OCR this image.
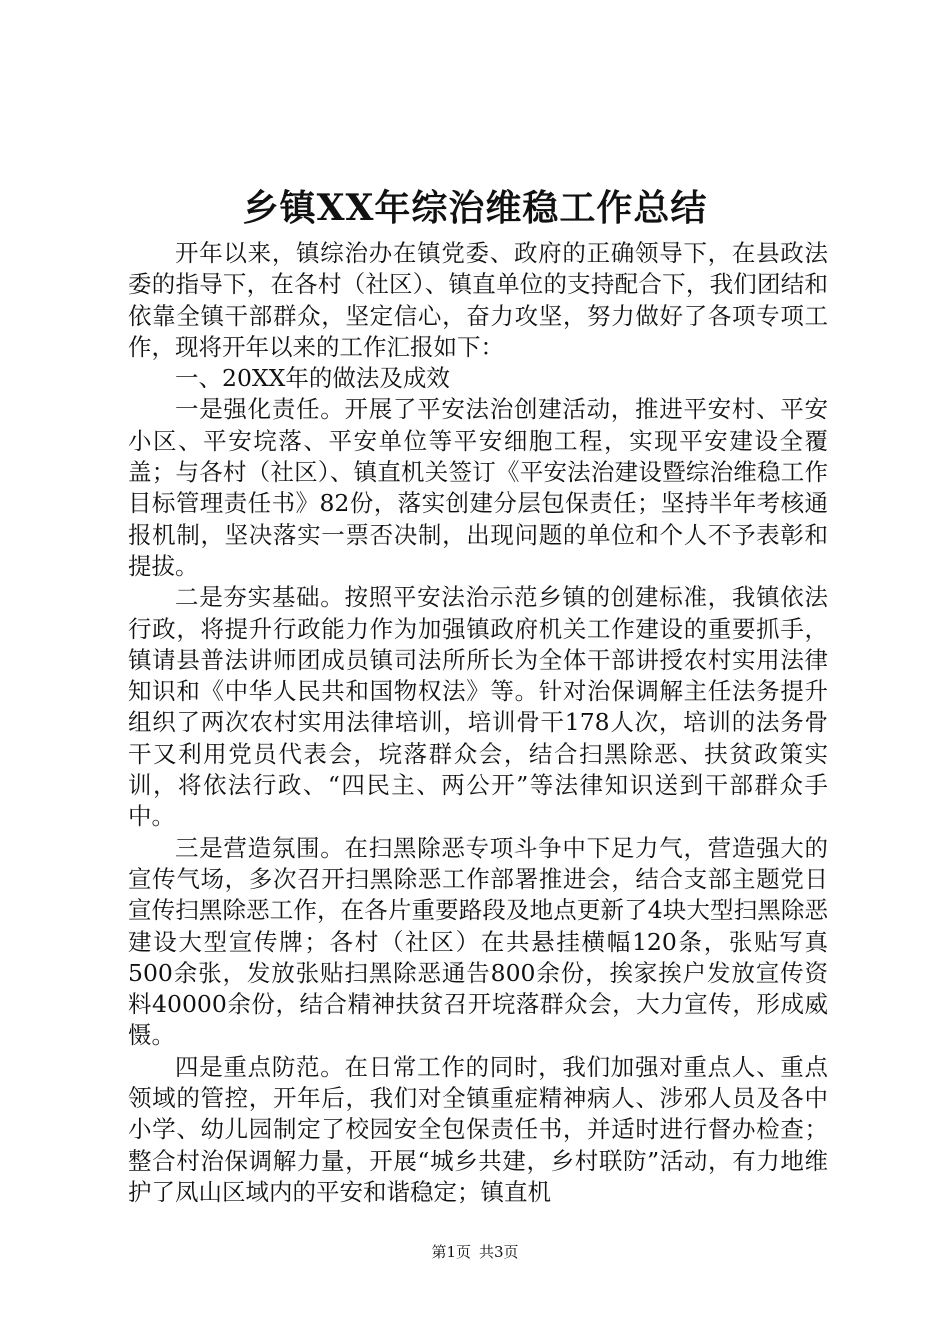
乡镇XX年综治维稳工作总结

开年以来，镇综治办在镇党委、政府的正确领导下，在县政法委的指导下，在各村（社区）、镇直单位的支持配合下，我们团结和依靠全镇干部群众，坚定信心，奋力攻坚，努力做好了各项专项工作，现将开年以来的工作汇报如下：

一、20XX年的做法及成效

一是强化责任。开展了平安法治创建活动，推进平安村、平安小区、平安垸落、平安单位等平安细胞工程，实现平安建设全覆盖；与各村（社区）、镇直机关签订《平安法治建设暨综治维稳工作目标管理责任书》82份，落实创建分层包保责任；坚持半年考核通报机制，坚决落实一票否决制，出现问题的单位和个人不予表彰和提拔。

二是夯实基础。按照平安法治示范乡镇的创建标准，我镇依法行政，将提升行政能力作为加强镇政府机关工作建设的重要抓手，镇请县普法讲师团成员镇司法所所长为全体干部讲授农村实用法律知识和《中华人民共和国物权法》等。针对治保调解主任法务提升组织了两次农村实用法律培训，培训骨干178人次，培训的法务骨干又利用党员代表会，垸落群众会，结合扫黑除恶、扶贫政策实训，将依法行政、“四民主、两公开”等法律知识送到干部群众手中。

三是营造氛围。在扫黑除恶专项斗争中下足力气，营造强大的宣传气场，多次召开扫黑除恶工作部署推进会，结合支部主题党日宣传扫黑除恶工作，在各片重要路段及地点更新了4块大型扫黑除恶建设大型宣传牌；各村（社区）在共悬挂横幅120条，张贴写真500余张，发放张贴扫黑除恶通告800余份，挨家挨户发放宣传资料40000余份，结合精神扶贫召开垸落群众会，大力宣传，形成威慑。

四是重点防范。在日常工作的同时，我们加强对重点人、重点领域的管控，开年后，我们对全镇重症精神病人、涉邪人员及各中小学、幼儿园制定了校园安全包保责任书，并适时进行督办检查；整合村治保调解力量，开展“城乡共建，乡村联防”活动，有力地维护了凤山区域内的平安和谐稳定；镇直机

第1页 共3页
